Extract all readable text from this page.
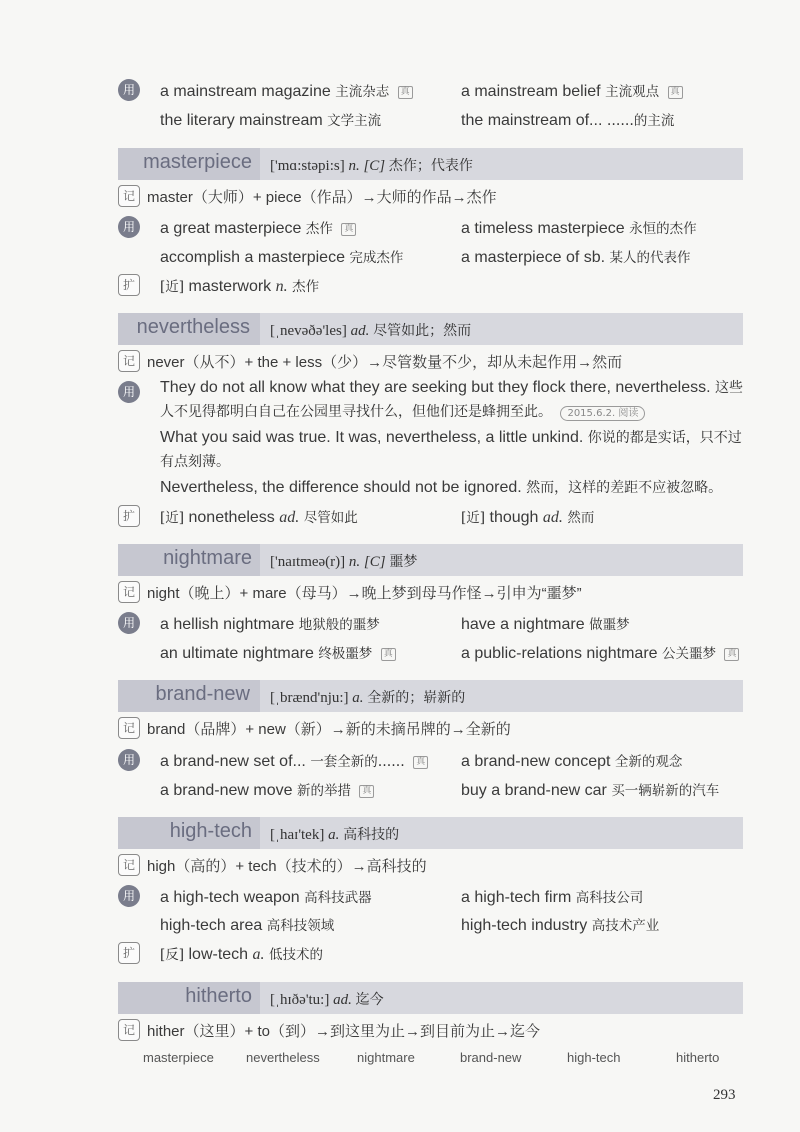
用	a mainstream magazine 主流杂志 真	a mainstream belief 主流观点 真
the literary mainstream 文学主流	the mainstream of... ……的主流
masterpiece ['mɑ:stəpi:s] n. [C] 杰作；代表作
记 master（大师）+ piece（作品）→大师的作品→杰作
用	a great masterpiece 杰作 真	a timeless masterpiece 永恒的杰作
accomplish a masterpiece 完成杰作	a masterpiece of sb. 某人的代表作
扩	[近] masterwork n. 杰作
nevertheless [ˌnevəðə'les] ad. 尽管如此；然而
记 never（从不）+ the + less（少）→尽管数量不少，却从未起作用→然而
用	They do not all know what they are seeking but they flock there, nevertheless. 这些人不见得都明白自己在公园里寻找什么，但他们还是蜂拥至此。 2015.6.2. 阅读
What you said was true. It was, nevertheless, a little unkind. 你说的都是实话，只不过有点刻薄。
Nevertheless, the difference should not be ignored. 然而，这样的差距不应被忽略。
扩	[近] nonetheless ad. 尽管如此	[近] though ad. 然而
nightmare ['naɪtmeə(r)] n. [C] 噩梦
记 night（晚上）+ mare（母马）→晚上梦到母马作怪→引申为“噩梦”
用	a hellish nightmare 地狱般的噩梦	have a nightmare 做噩梦
an ultimate nightmare 终极噩梦 真	a public-relations nightmare 公关噩梦 真
brand-new [ˌbrænd'nju:] a. 全新的；崭新的
记 brand（品牌）+ new（新）→新的未摘吊牌的→全新的
用	a brand-new set of... 一套全新的…… 真 a brand-new concept 全新的观念
a brand-new move 新的举措 真	buy a brand-new car 买一辆崭新的汽车
high-tech [ˌhaɪ'tek] a. 高科技的
记 high（高的）+ tech（技术的）→高科技的
用	a high-tech weapon 高科技武器	a high-tech firm 高科技公司
high-tech area 高科技领域	high-tech industry 高技术产业
扩	[反] low-tech a. 低技术的
hitherto [ˌhɪðə'tu:] ad. 迄今
记 hither（这里）+ to（到）→到这里为止→到目前为止→迄今
masterpiece nevertheless	nightmare	brand-new	high-tech	hitherto
293
